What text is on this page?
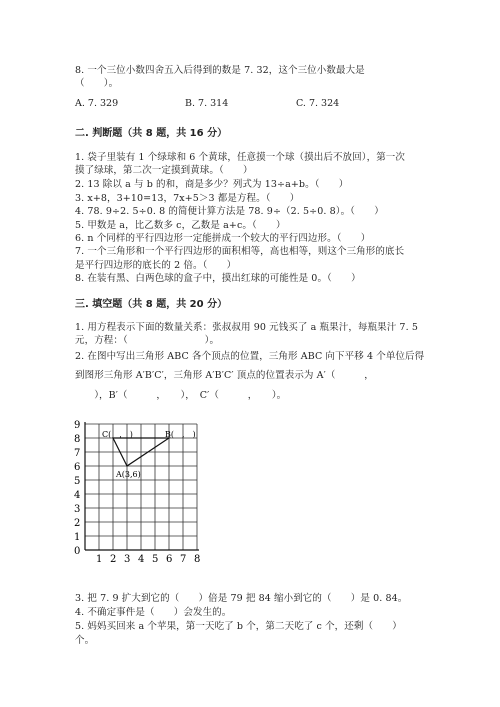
8. 一个三位小数四舍五入后得到的数是 7. 32，这个三位小数最大是
（　　）。
A. 7. 329	B. 7. 314	C. 7. 324
二. 判断题（共 8 题，共 16 分）
1. 袋子里装有 1 个绿球和 6 个黄球，任意摸一个球（摸出后不放回），第一次
摸了绿球，第二次一定摸到黄球。（　　）
2. 13 除以 a 与 b 的和，商是多少？列式为 13÷a+b。（　　）
3. x+8，3+10=13，7x+5＞3 都是方程。（　　）
4. 78. 9÷2. 5÷0. 8 的简便计算方法是 78. 9÷（2. 5÷0. 8）。（　　）
5. 甲数是 a，比乙数多 c，乙数是 a+c。（　　）
6. n 个同样的平行四边形一定能拼成一个较大的平行四边形。（　　）
7. 一个三角形和一个平行四边形的面积相等，高也相等，则这个三角形的底长
是平行四边形的底长的 2 倍。（　　）
8. 在装有黑、白两色球的盒子中，摸出红球的可能性是 0。（　　）
三. 填空题（共 8 题，共 20 分）
1. 用方程表示下面的数量关系：张叔叔用 90 元钱买了 a 瓶果汁，每瓶果汁 7. 5
元，方程：（　　　　　　　　）。
2. 在图中写出三角形 ABC 各个顶点的位置，三角形 ABC 向下平移 4 个单位后得
到图形三角形 A′B′C′，三角形 A′B′C′ 顶点的位置表示为 A′（　　　，
　　），B′（　　　，　　），　C′（　　　，　　）。
9
8
7
6
5
4
3
2
1
0
1 2 3 4 5 6 7 8
C(　,　)	B(　,　)
A(3,6)
3. 把 7. 9 扩大到它的（　　）倍是 79 把 84 缩小到它的（　　）是 0. 84。
4. 不确定事件是（　　）会发生的。
5. 妈妈买回来 a 个苹果，第一天吃了 b 个，第二天吃了 c 个，还剩（　　）
个。
